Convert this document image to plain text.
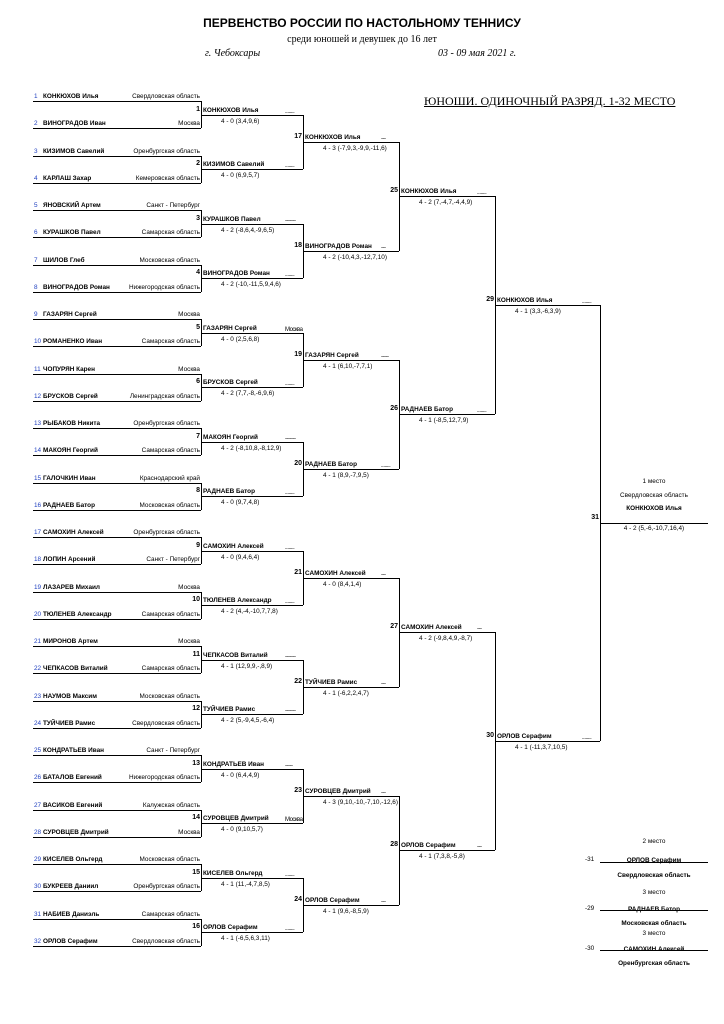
ПЕРВЕНСТВО РОССИИ ПО НАСТОЛЬНОМУ ТЕННИСУ
среди юношей и девушек до 16 лет
г. Чебоксары	03 - 09 мая 2021 г.
ЮНОШИ. ОДИНОЧНЫЙ РАЗРЯД. 1-32 МЕСТО
1 КОНКЮХОВ Илья	Свердловская область
2 ВИНОГРАДОВ Иван	Москва
3 КИЗИМОВ Савелий	Оренбургская область
4 КАРЛАШ Захар	Кемеровская область
5 ЯНОВСКИЙ Артем	Санкт - Петербург
6 КУРАШКОВ Павел	Самарская область
7 ШИЛОВ Глеб	Московская область
8 ВИНОГРАДОВ Роман	Нижегородская область
9 ГАЗАРЯН Сергей	Москва
10 РОМАНЕНКО Иван	Самарская область
11 ЧОПУРЯН Карен	Москва
12 БРУСКОВ Сергей	Ленинградская область
13 РЫБАКОВ Никита	Оренбургская область
14 МАКОЯН Георгий	Самарская область
15 ГАЛОЧКИН Иван	Краснодарский край
16 РАДНАЕВ Батор	Московская область
17 САМОХИН Алексей	Оренбургская область
18 ЛОПИН Арсений	Санкт - Петербург
19 ЛАЗАРЕВ Михаил	Москва
20 ТЮЛЕНЕВ Александр	Самарская область
21 МИРОНОВ Артем	Москва
22 ЧЕПКАСОВ Виталий	Самарская область
23 НАУМОВ Максим	Московская область
24 ТУЙЧИЕВ Рамис	Свердловская область
25 КОНДРАТЬЕВ Иван	Санкт - Петербург
26 БАТАЛОВ Евгений	Нижегородская область
27 ВАСИКОВ Евгений	Калужская область
28 СУРОВЦЕВ Дмитрий	Москва
29 КИСЕЛЕВ Ольгерд	Московская область
30 БУКРЕЕВ Даниил	Оренбургская область
31 НАБИЕВ Даниэль	Самарская область
32 ОРЛОВ Серафим	Свердловская область
1 КОНКЮХОВ Илья	........
4 - 0 (3,4,9,6)
2 КИЗИМОВ Савелий	........
4 - 0 (6,9,5,7)
3 КУРАШКОВ Павел	-------
4 - 2 (-8,6,4,-9,6,5)
4 ВИНОГРАДОВ Роман	........
4 - 2 (-10,-11,5,9,4,6)
5 ГАЗАРЯН Сергей	Москва
4 - 0 (2,5,6,8)
6 БРУСКОВ Сергей	........
4 - 2 (7,7,-8,-6,9,6)
7 МАКОЯН Георгий	-------
4 - 2 (-8,10,8,-8,12,9)
8 РАДНАЕВ Батор	........
4 - 0 (9,7,4,8)
9 САМОХИН Алексей	........
4 - 0 (9,4,6,4)
10 ТЮЛЕНЕВ Александр ........
4 - 2 (4,-4,-10,7,7,8)
11 ЧЕПКАСОВ Виталий	-------
4 - 1 (12,9,9,-,8,9)
12 ТУЙЧИЕВ Рамис	-------
4 - 2 (5,-9,4,5,-6,4)
13 КОНДРАТЬЕВ Иван	-----
4 - 0 (6,4,4,9)
14 СУРОВЦЕВ Дмитрий	Москва
4 - 0 (9,10,5,7)
15 КИСЕЛЕВ Ольгерд	........
4 - 1 (11,-4,7,8,5)
16 ОРЛОВ Серафим	........
4 - 1 (-6,5,6,3,11)
17 КОНКЮХОВ Илья	---
4 - 3 (-7,9,3,-9,9,-11,6)
18 ВИНОГРАДОВ Роман ---
4 - 2 (-10,4,3,-12,7,10)
19 ГАЗАРЯН Сергей	-----
4 - 1 (6,10,-7,7,1)
20 РАДНАЕВ Батор	........
4 - 1 (8,9,-7,9,5)
21 САМОХИН Алексей	---
4 - 0 (8,4,1,4)
22 ТУЙЧИЕВ Рамис	---
4 - 1 (-6,2,2,4,7)
23 СУРОВЦЕВ Дмитрий ---
4 - 3 (9,10,-10,-7,10,-12,6)
24 ОРЛОВ Серафим	---
4 - 1 (9,6,-8,5,9)
25 КОНКЮХОВ Илья	........
4 - 2 (7,-4,7,-4,4,9)
26 РАДНАЕВ Батор	........
4 - 1 (-8,5,12,7,9)
27 САМОХИН Алексей	---
4 - 2 (-9,8,4,9,-8,7)
28 ОРЛОВ Серафим	---
4 - 1 (7,3,8,-5,8)
29 КОНКЮХОВ Илья	........
4 - 1 (3,3,-6,3,9)
30 ОРЛОВ Серафим	........
4 - 1 (-11,3,7,10,5)
31
1 место
Свердловская область
КОНКЮХОВ Илья
4 - 2 (5,-6,-10,7,16,4)
-31
2 место
ОРЛОВ Серафим
Свердловская область
-29
3 место
РАДНАЕВ Батор
Московская область
-30
3 место
САМОХИН Алексей
Оренбургская область
